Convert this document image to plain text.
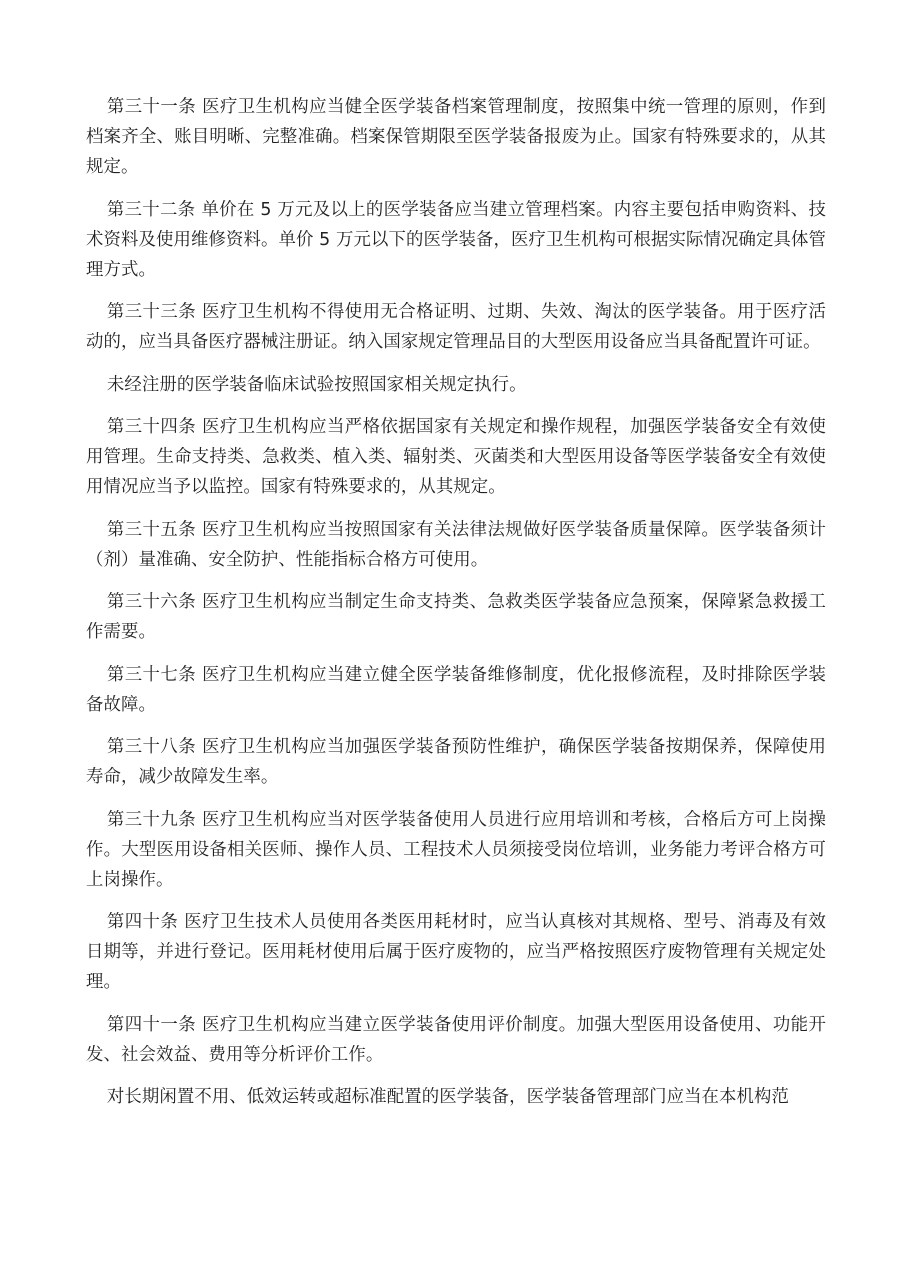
第三十一条 医疗卫生机构应当健全医学装备档案管理制度，按照集中统一管理的原则，作到档案齐全、账目明晰、完整准确。档案保管期限至医学装备报废为止。国家有特殊要求的，从其规定。

第三十二条 单价在 5 万元及以上的医学装备应当建立管理档案。内容主要包括申购资料、技术资料及使用维修资料。单价 5 万元以下的医学装备，医疗卫生机构可根据实际情况确定具体管理方式。

第三十三条 医疗卫生机构不得使用无合格证明、过期、失效、淘汰的医学装备。用于医疗活动的，应当具备医疗器械注册证。纳入国家规定管理品目的大型医用设备应当具备配置许可证。

未经注册的医学装备临床试验按照国家相关规定执行。

第三十四条 医疗卫生机构应当严格依据国家有关规定和操作规程，加强医学装备安全有效使用管理。生命支持类、急救类、植入类、辐射类、灭菌类和大型医用设备等医学装备安全有效使用情况应当予以监控。国家有特殊要求的，从其规定。

第三十五条 医疗卫生机构应当按照国家有关法律法规做好医学装备质量保障。医学装备须计（剂）量准确、安全防护、性能指标合格方可使用。

第三十六条 医疗卫生机构应当制定生命支持类、急救类医学装备应急预案，保障紧急救援工作需要。

第三十七条 医疗卫生机构应当建立健全医学装备维修制度，优化报修流程，及时排除医学装备故障。

第三十八条 医疗卫生机构应当加强医学装备预防性维护，确保医学装备按期保养，保障使用寿命，减少故障发生率。

第三十九条 医疗卫生机构应当对医学装备使用人员进行应用培训和考核，合格后方可上岗操作。大型医用设备相关医师、操作人员、工程技术人员须接受岗位培训，业务能力考评合格方可上岗操作。

第四十条 医疗卫生技术人员使用各类医用耗材时，应当认真核对其规格、型号、消毒及有效日期等，并进行登记。医用耗材使用后属于医疗废物的，应当严格按照医疗废物管理有关规定处理。

第四十一条 医疗卫生机构应当建立医学装备使用评价制度。加强大型医用设备使用、功能开发、社会效益、费用等分析评价工作。

对长期闲置不用、低效运转或超标准配置的医学装备，医学装备管理部门应当在本机构范
